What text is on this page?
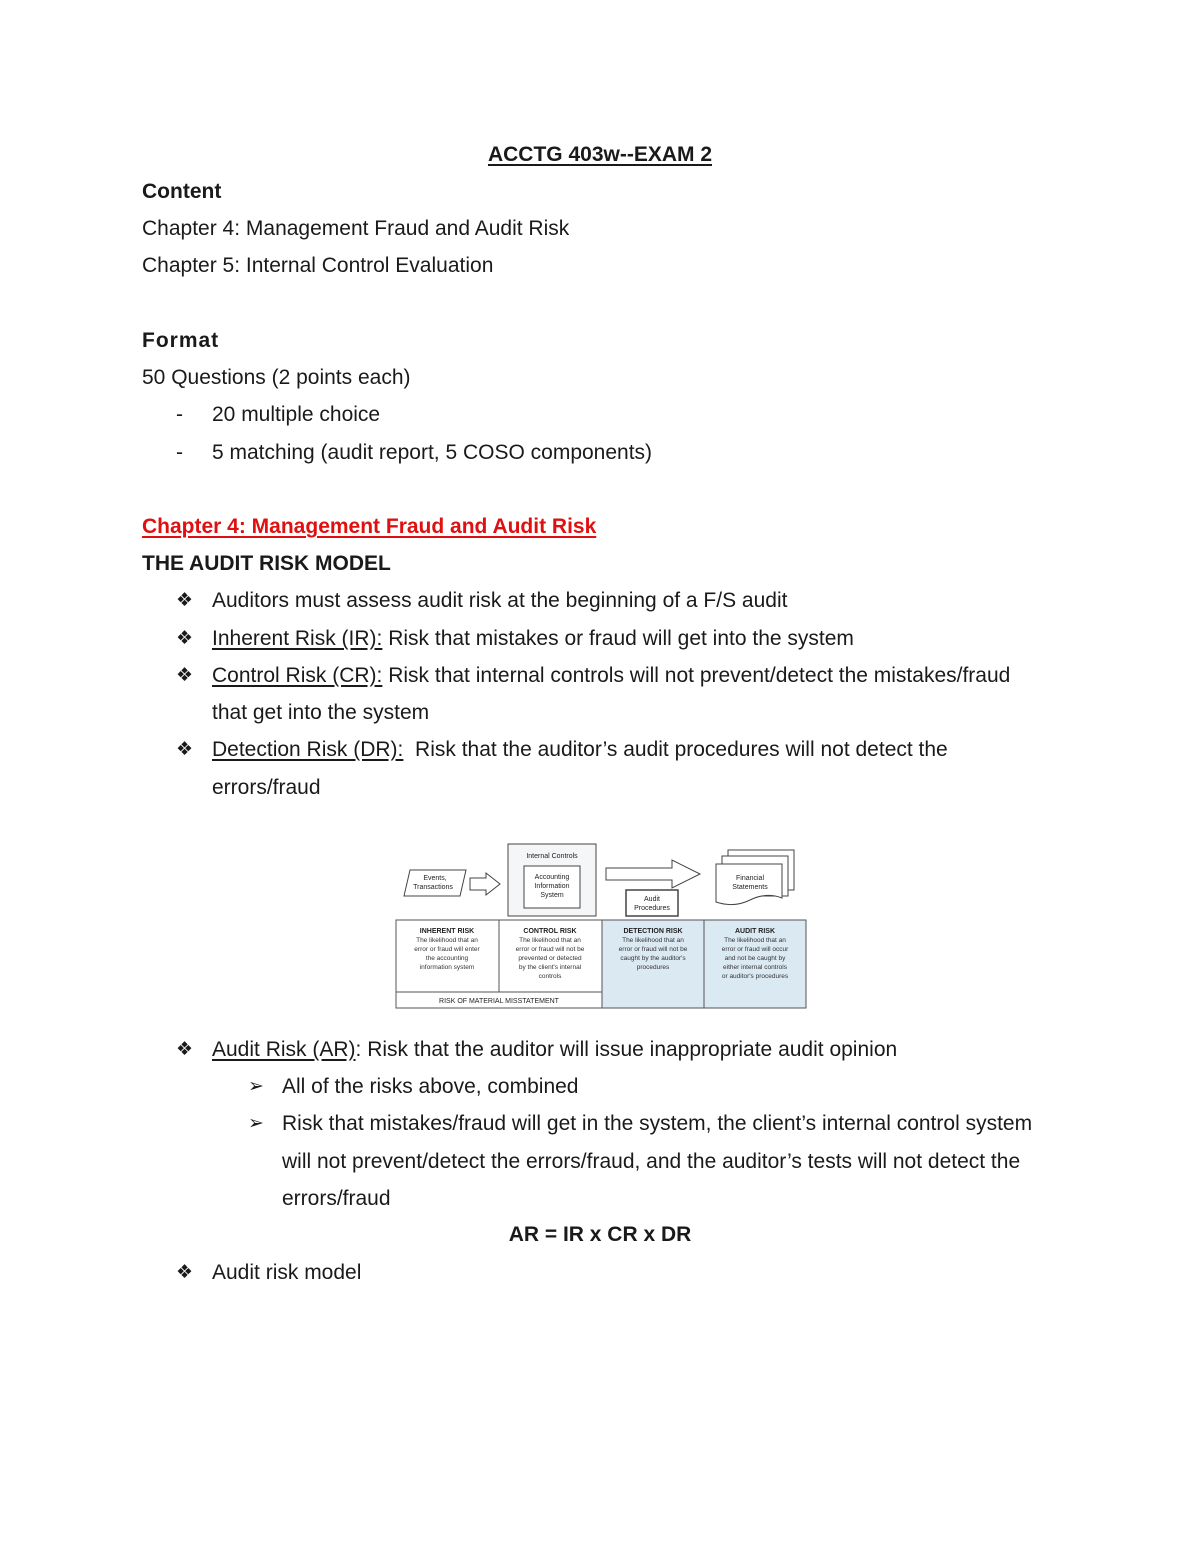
ACCTG 403w--EXAM 2
Content
Chapter 4: Management Fraud and Audit Risk
Chapter 5: Internal Control Evaluation
Format
50 Questions (2 points each)
- 20 multiple choice
- 5 matching (audit report, 5 COSO components)
Chapter 4: Management Fraud and Audit Risk
THE AUDIT RISK MODEL
❖ Auditors must assess audit risk at the beginning of a F/S audit
❖ Inherent Risk (IR): Risk that mistakes or fraud will get into the system
❖ Control Risk (CR): Risk that internal controls will not prevent/detect the mistakes/fraud
that get into the system
❖ Detection Risk (DR):  Risk that the auditor’s audit procedures will not detect the
errors/fraud
Events,
Transactions
Internal Controls
Accounting
Information
System
Audit
Procedures
Financial
Statements
RISK OF MATERIAL MISSTATEMENT
INHERENT RISK
The likelihood that an
error or fraud will enter
the accounting
information system
CONTROL RISK
The likelihood that an
error or fraud will not be
prevented or detected
by the client's internal
controls
DETECTION RISK
The likelihood that an
error or fraud will not be
caught by the auditor's
procedures
AUDIT RISK
The likelihood that an
error or fraud will occur
and not be caught by
either internal controls
or auditor's procedures
❖ Audit Risk (AR): Risk that the auditor will issue inappropriate audit opinion
➢ All of the risks above, combined
➢ Risk that mistakes/fraud will get in the system, the client’s internal control system
will not prevent/detect the errors/fraud, and the auditor’s tests will not detect the
errors/fraud
AR = IR x CR x DR
❖ Audit risk model
